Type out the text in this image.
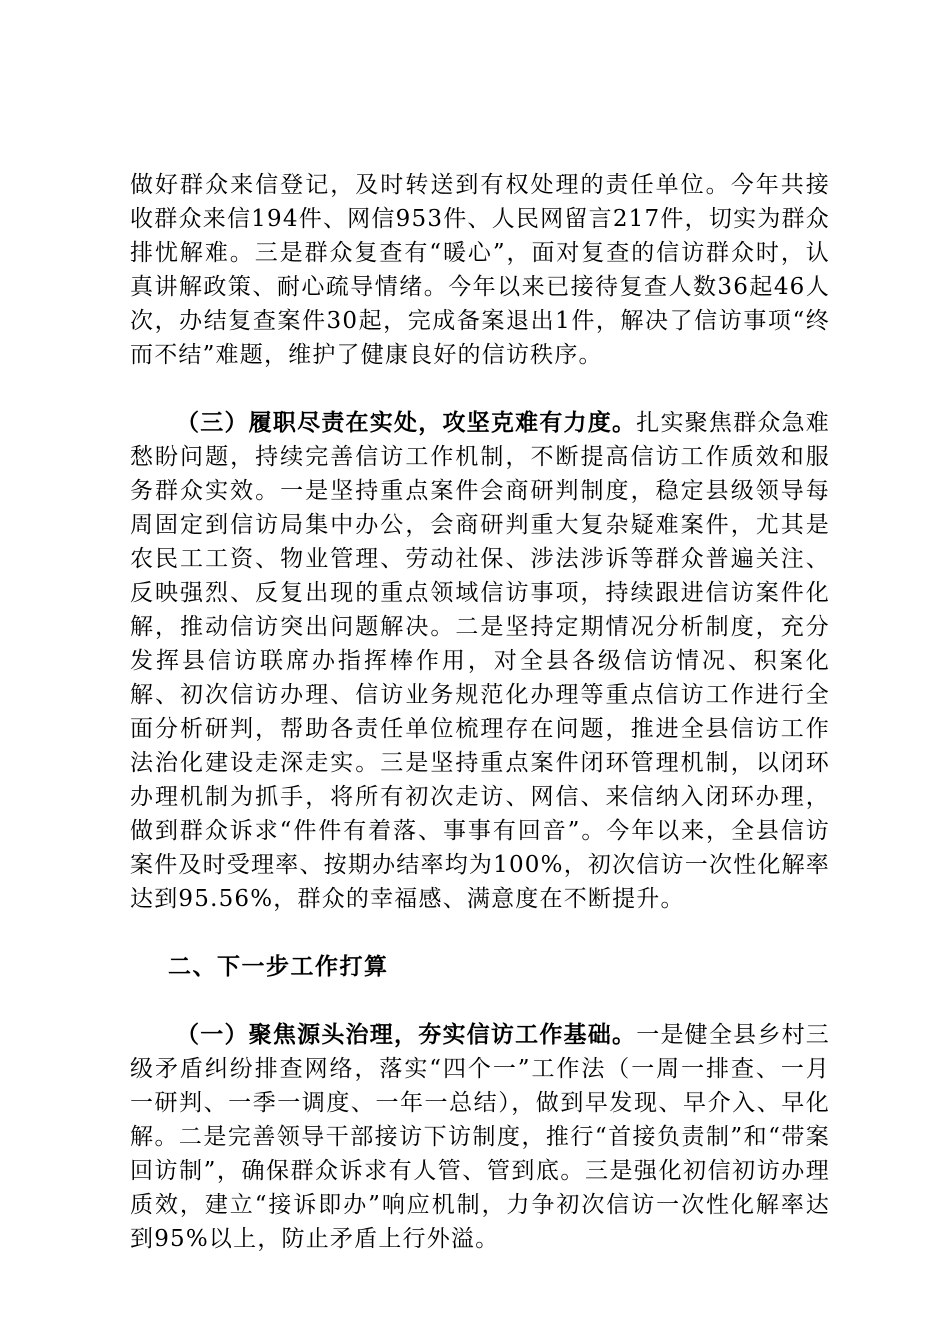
做好群众来信登记，及时转送到有权处理的责任单位。今年共接收群众来信194件、网信953件、人民网留言217件，切实为群众排忧解难。三是群众复查有“暖心”，面对复查的信访群众时，认真讲解政策、耐心疏导情绪。今年以来已接待复查人数36起46人次，办结复查案件30起，完成备案退出1件，解决了信访事项“终而不结”难题，维护了健康良好的信访秩序。

（三）履职尽责在实处，攻坚克难有力度。扎实聚焦群众急难愁盼问题，持续完善信访工作机制，不断提高信访工作质效和服务群众实效。一是坚持重点案件会商研判制度，稳定县级领导每周固定到信访局集中办公，会商研判重大复杂疑难案件，尤其是农民工工资、物业管理、劳动社保、涉法涉诉等群众普遍关注、反映强烈、反复出现的重点领域信访事项，持续跟进信访案件化解，推动信访突出问题解决。二是坚持定期情况分析制度，充分发挥县信访联席办指挥棒作用，对全县各级信访情况、积案化解、初次信访办理、信访业务规范化办理等重点信访工作进行全面分析研判，帮助各责任单位梳理存在问题，推进全县信访工作法治化建设走深走实。三是坚持重点案件闭环管理机制，以闭环办理机制为抓手，将所有初次走访、网信、来信纳入闭环办理，做到群众诉求“件件有着落、事事有回音”。今年以来，全县信访案件及时受理率、按期办结率均为100%，初次信访一次性化解率达到95.56%，群众的幸福感、满意度在不断提升。

二、下一步工作打算

（一）聚焦源头治理，夯实信访工作基础。一是健全县乡村三级矛盾纠纷排查网络，落实“四个一”工作法（一周一排查、一月一研判、一季一调度、一年一总结），做到早发现、早介入、早化解。二是完善领导干部接访下访制度，推行“首接负责制”和“带案回访制”，确保群众诉求有人管、管到底。三是强化初信初访办理质效，建立“接诉即办”响应机制，力争初次信访一次性化解率达到95%以上，防止矛盾上行外溢。
